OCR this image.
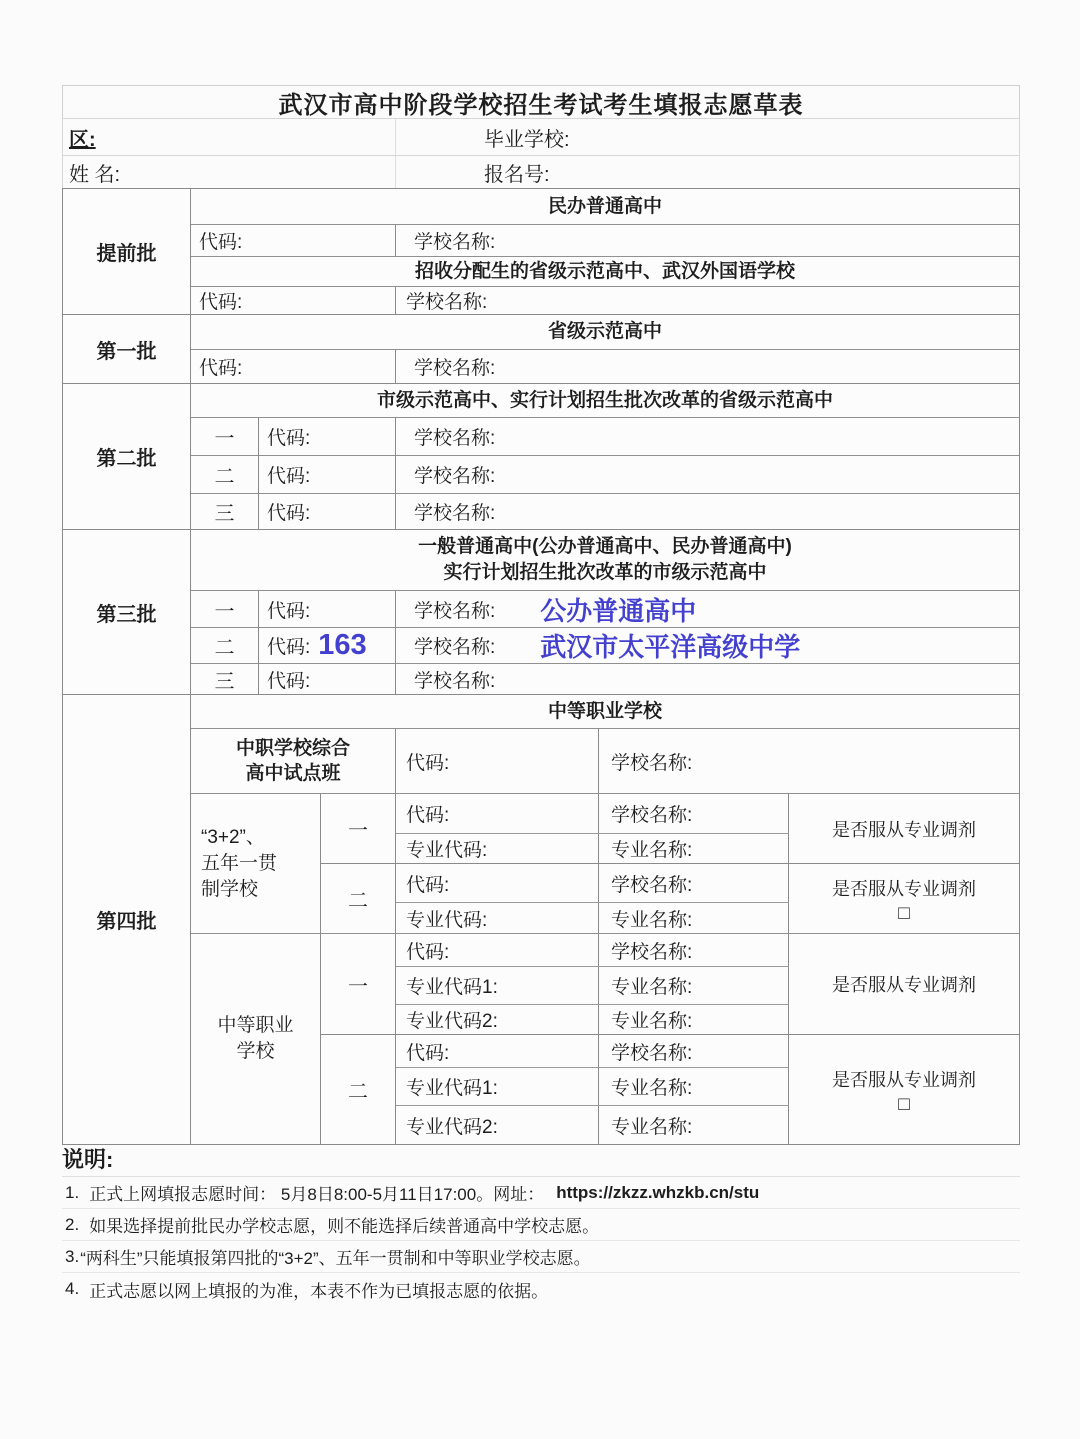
武汉市高中阶段学校招生考试考生填报志愿草表
区:	毕业学校:
姓 名:	报名号:
提前批
民办普通高中
代码:	学校名称:
招收分配生的省级示范高中、武汉外国语学校
代码:	学校名称:
第一批
省级示范高中
代码:	学校名称:
第二批
市级示范高中、实行计划招生批次改革的省级示范高中
一	代码:	学校名称:
二	代码:	学校名称:
三	代码:	学校名称:
第三批
一般普通高中(公办普通高中、民办普通高中)
实行计划招生批次改革的市级示范高中
一	代码:	学校名称: 公办普通高中
二	代码: 163 学校名称: 武汉市太平洋高级中学
三	代码:	学校名称:
第四批
中等职业学校
中职学校综合
高中试点班	代码:	学校名称:
“3+2”、
五年一贯
制学校
一
代码:	学校名称:
专业代码:	专业名称:
是否服从专业调剂
二
代码:	学校名称:
专业代码:	专业名称:
是否服从专业调剂
□
中等职业
学校
一
代码:	学校名称:
专业代码1:	专业名称:
专业代码2:	专业名称:
是否服从专业调剂
二
代码:	学校名称:
专业代码1:	专业名称:
专业代码2:	专业名称:
是否服从专业调剂
□
说明:
1. 正式上网填报志愿时间： 5月8日8:00-5月11日17:00。网址： https://zkzz.whzkb.cn/stu
2. 如果选择提前批民办学校志愿，则不能选择后续普通高中学校志愿。
3. “两科生”只能填报第四批的“3+2”、五年一贯制和中等职业学校志愿。
4. 正式志愿以网上填报的为准，本表不作为已填报志愿的依据。
